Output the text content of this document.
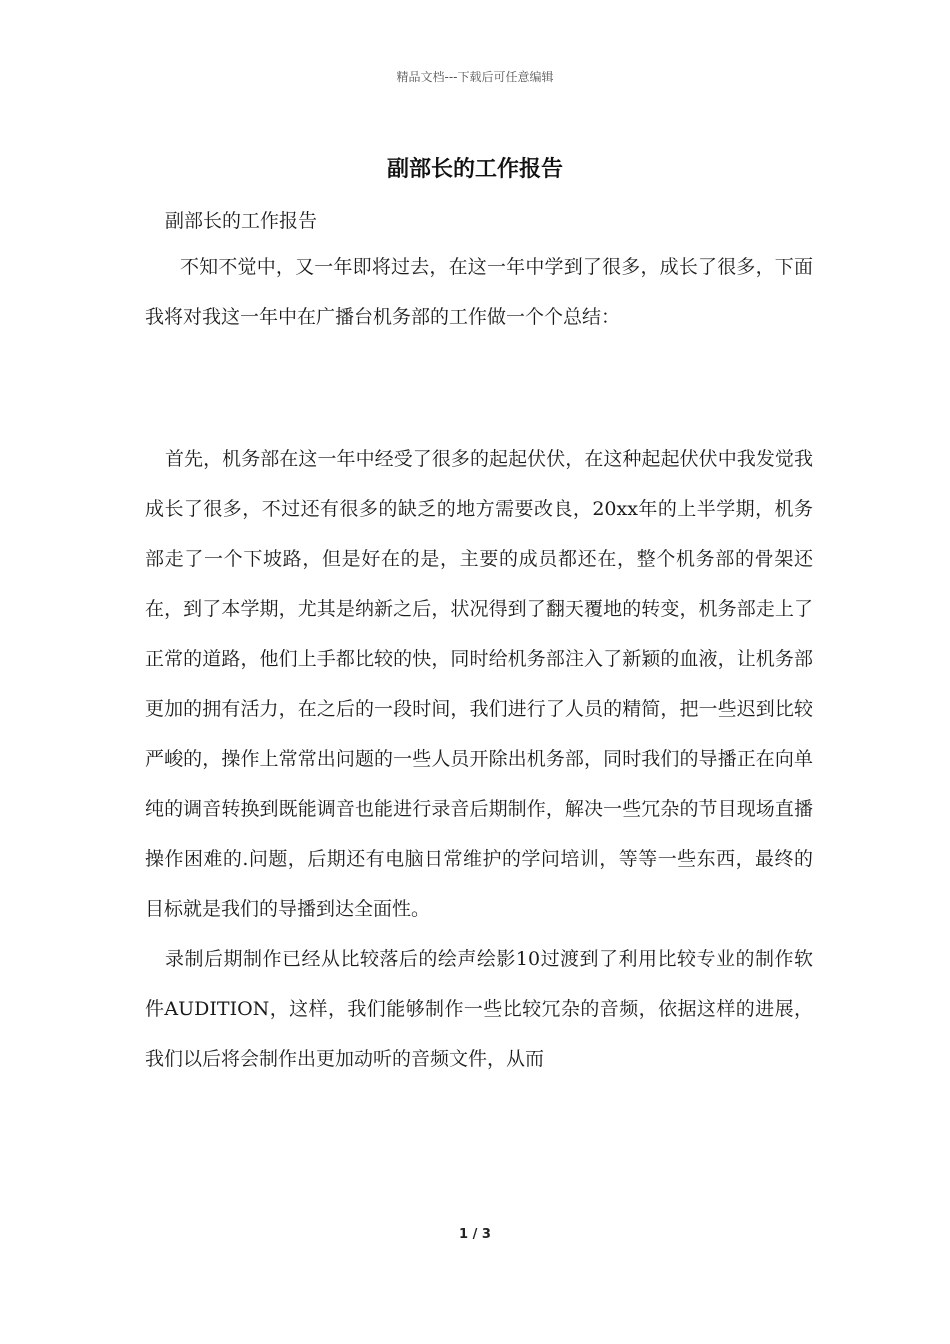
精品文档---下载后可任意编辑
副部长的工作报告

副部长的工作报告

不知不觉中，又一年即将过去，在这一年中学到了很多，成长了很多，下面我将对我这一年中在广播台机务部的工作做一个个总结：

首先，机务部在这一年中经受了很多的起起伏伏，在这种起起伏伏中我发觉我成长了很多，不过还有很多的缺乏的地方需要改良，20xx年的上半学期，机务部走了一个下坡路，但是好在的是，主要的成员都还在，整个机务部的骨架还在，到了本学期，尤其是纳新之后，状况得到了翻天覆地的转变，机务部走上了正常的道路，他们上手都比较的快，同时给机务部注入了新颖的血液，让机务部更加的拥有活力，在之后的一段时间，我们进行了人员的精简，把一些迟到比较严峻的，操作上常常出问题的一些人员开除出机务部，同时我们的导播正在向单纯的调音转换到既能调音也能进行录音后期制作，解决一些冗杂的节目现场直播操作困难的.问题，后期还有电脑日常维护的学问培训，等等一些东西，最终的目标就是我们的导播到达全面性。

录制后期制作已经从比较落后的绘声绘影10过渡到了利用比较专业的制作软件AUDITION，这样，我们能够制作一些比较冗杂的音频，依据这样的进展，我们以后将会制作出更加动听的音频文件，从而

1 / 3
